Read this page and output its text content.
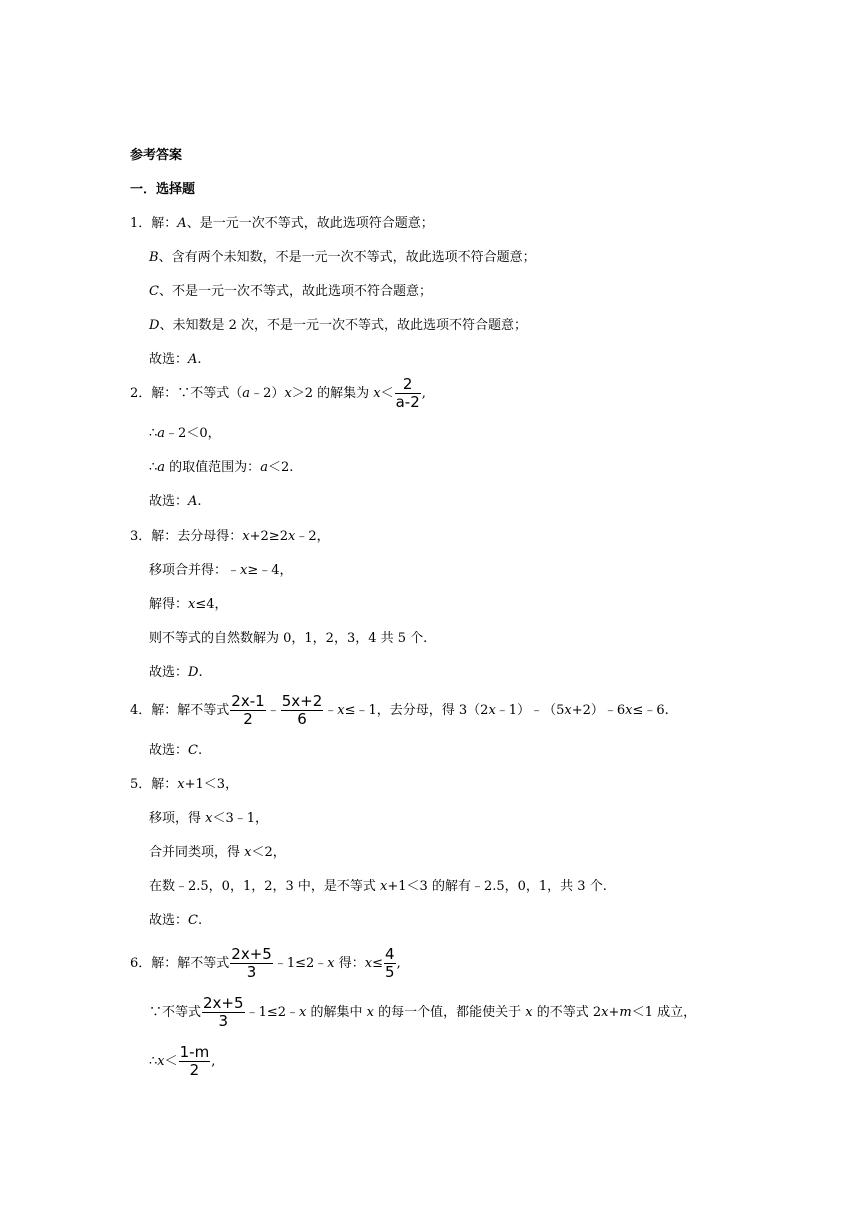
参考答案
一．选择题
1．解：A、是一元一次不等式，故此选项符合题意；
B、含有两个未知数，不是一元一次不等式，故此选项不符合题意；
C、不是一元一次不等式，故此选项不符合题意；
D、未知数是 2 次，不是一元一次不等式，故此选项不符合题意；
故选：A.
2．解：∵不等式（a﹣2）x＞2 的解集为 $x< \frac{2}{a-2}$ ,
∴a﹣2＜0，
∴a 的取值范围为：a＜2.
故选：A.
3．解：去分母得：x+2≥2x﹣2，
移项合并得：﹣x≥﹣4，
解得：x≤4，
则不等式的自然数解为 0，1，2，3，4 共 5 个.
故选：D.
4．解：解不等式 $\frac{2x-1}{2}$ ﹣ $\frac{5x+2}{6}$ ﹣x≤﹣1，去分母，得 3（2x﹣1）﹣（5x+2）﹣6x≤﹣6.
故选：C.
5．解：x+1＜3，
移项，得 x＜3﹣1，
合并同类项，得 x＜2，
在数﹣2.5，0，1，2，3 中，是不等式 x+1＜3 的解有﹣2.5，0，1，共 3 个.
故选：C.
6．解：解不等式 $\frac{2x+5}{3}$ ﹣1≤2﹣x 得：$x\le \frac{4}{5}$ ,
∵不等式 $\frac{2x+5}{3}$ ﹣1≤2﹣x 的解集中 x 的每一个值，都能使关于 x 的不等式 2x+m＜1 成立，
∴x＜ $\frac{1-m}{2}$ ,
